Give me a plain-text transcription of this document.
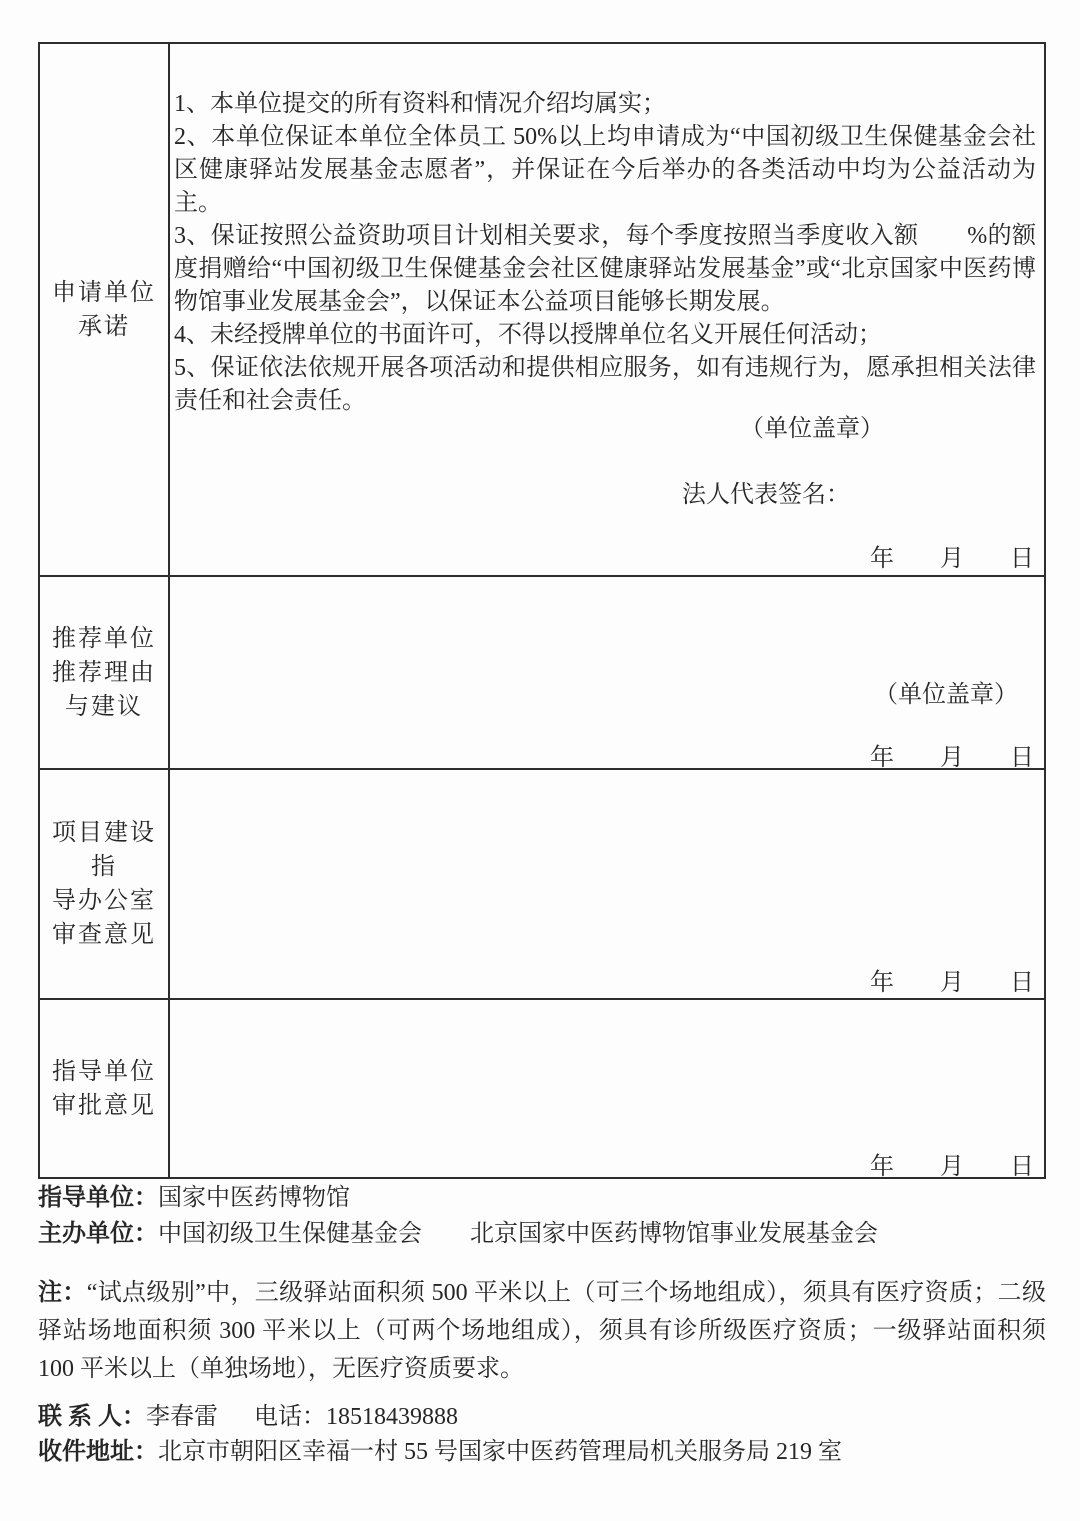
申请单位
承诺

1、本单位提交的所有资料和情况介绍均属实；

2、本单位保证本单位全体员工 50%以上均申请成为“中国初级卫生保健基金会社区健康驿站发展基金志愿者”，并保证在今后举办的各类活动中均为公益活动为主。

3、保证按照公益资助项目计划相关要求，每个季度按照当季度收入额　　%的额度捐赠给“中国初级卫生保健基金会社区健康驿站发展基金”或“北京国家中医药博物馆事业发展基金会”，以保证本公益项目能够长期发展。

4、未经授牌单位的书面许可，不得以授牌单位名义开展任何活动；

5、保证依法依规开展各项活动和提供相应服务，如有违规行为，愿承担相关法律责任和社会责任。

（单位盖章）
法人代表签名：
年 月 日
推荐单位
推荐理由
与建议	（单位盖章）
年 月 日
项目建设指
导办公室
审查意见
年 月 日
指导单位
审批意见
年 月 日
指导单位：国家中医药博物馆
主办单位：中国初级卫生保健基金会　　北京国家中医药博物馆事业发展基金会
注：“试点级别”中，三级驿站面积须 500 平米以上（可三个场地组成），须具有医疗资质；二级驿站场地面积须 300 平米以上（可两个场地组成），须具有诊所级医疗资质；一级驿站面积须 100 平米以上（单独场地），无医疗资质要求。
联 系 人：李春雷 电话：18518439888
收件地址：北京市朝阳区幸福一村 55 号国家中医药管理局机关服务局 219 室
